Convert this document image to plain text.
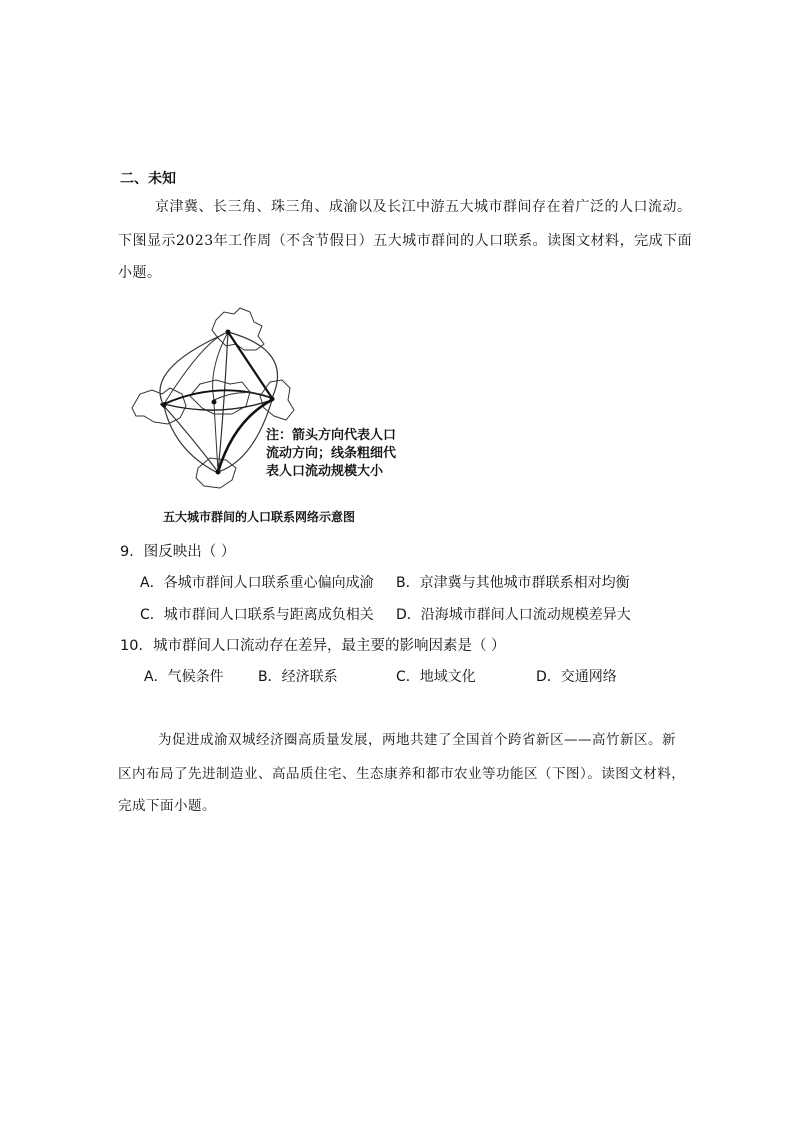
二、未知
京津冀、长三角、珠三角、成渝以及长江中游五大城市群间存在着广泛的人口流动。
下图显示2023年工作周（不含节假日）五大城市群间的人口联系。读图文材料，完成下面
小题。
注：箭头方向代表人口
流动方向；线条粗细代
表人口流动规模大小
五大城市群间的人口联系网络示意图
9．图反映出（ ）
A．各城市群间人口联系重心偏向成渝 B．京津冀与其他城市群联系相对均衡
C．城市群间人口联系与距离成负相关 D．沿海城市群间人口流动规模差异大
10．城市群间人口流动存在差异，最主要的影响因素是（ ）
A．气候条件 B．经济联系	C．地域文化	D．交通网络
为促进成渝双城经济圈高质量发展，两地共建了全国首个跨省新区——高竹新区。新
区内布局了先进制造业、高品质住宅、生态康养和都市农业等功能区（下图）。读图文材料，
完成下面小题。
